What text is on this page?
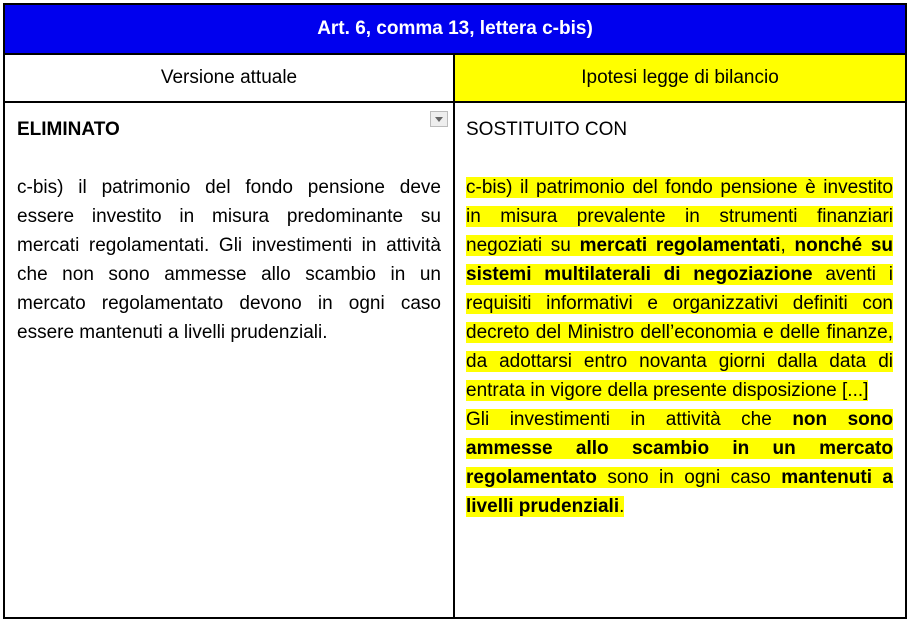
Art. 6, comma 13, lettera c-bis)
Versione attuale	Ipotesi legge di bilancio
ELIMINATO
c-bis) il patrimonio del fondo pensione deve essere investito in misura predominante su mercati regolamentati. Gli investimenti in attività che non sono ammesse allo scambio in un mercato regolamentato devono in ogni caso essere mantenuti a livelli prudenziali.
SOSTITUITO CON
c-bis) il patrimonio del fondo pensione è investito in misura prevalente in strumenti finanziari negoziati su mercati regolamentati, nonché su sistemi multilaterali di negoziazione aventi i requisiti informativi e organizzativi definiti con decreto del Ministro dell’economia e delle finanze, da adottarsi entro novanta giorni dalla data di entrata in vigore della presente disposizione [...]
Gli investimenti in attività che non sono ammesse allo scambio in un mercato regolamentato sono in ogni caso mantenuti a livelli prudenziali.
